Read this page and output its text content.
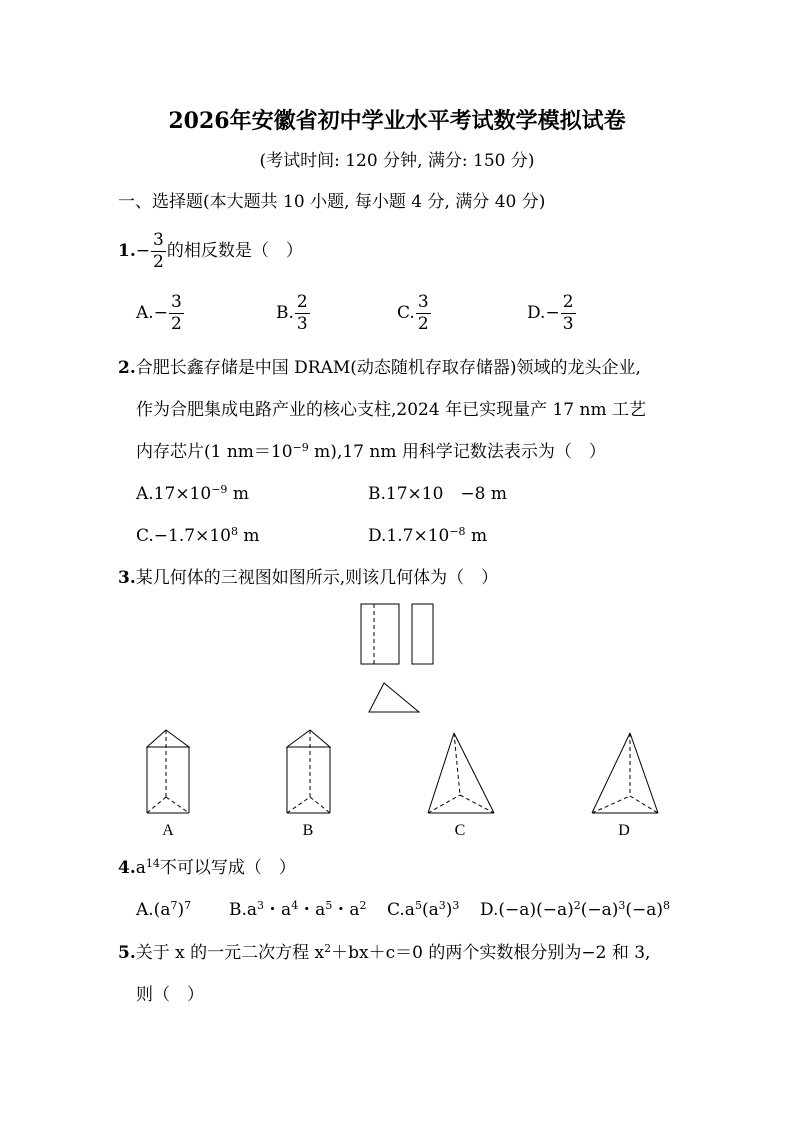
2026年安徽省初中学业水平考试数学模拟试卷
(考试时间: 120 分钟, 满分: 150 分)
一、选择题(本大题共 10 小题, 每小题 4 分, 满分 40 分)
$1.- \frac{3}{2}$ 的相反数是（　）
$A.- \frac{3}{2}$	B. $\frac{2}{3}$	C. $\frac{3}{2}$	$D.- \frac{2}{3}$
2.合肥长鑫存储是中国 DRAM(动态随机存取存储器)领域的龙头企业,
作为合肥集成电路产业的核心支柱,2024 年已实现量产 17 nm 工艺
内存芯片(1 $nm=10^{-9}$ m),17 nm 用科学记数法表示为（　）
$A.17\times 10^{-9}$ m	B.17×10　−8 m
$C.-1.7\times 10^8$ m	$D.1.7\times 10^{-8}$ m
3.某几何体的三视图如图所示,则该几何体为（　）
A	B	C	D
$4.a^{14}$不可以写成（　）
$A.(a^7)^7$ $B.a^3$・$a^4$・$a^5$・$a^2$ $C.a^5(a^3)^3$ $D.(-a)(-a)^2(-a)^3(-a)^8$
5.关于 x 的一元二次方程 $x^2+bx+c=0$ 的两个实数根分别为−2 和 3,
则（　）
